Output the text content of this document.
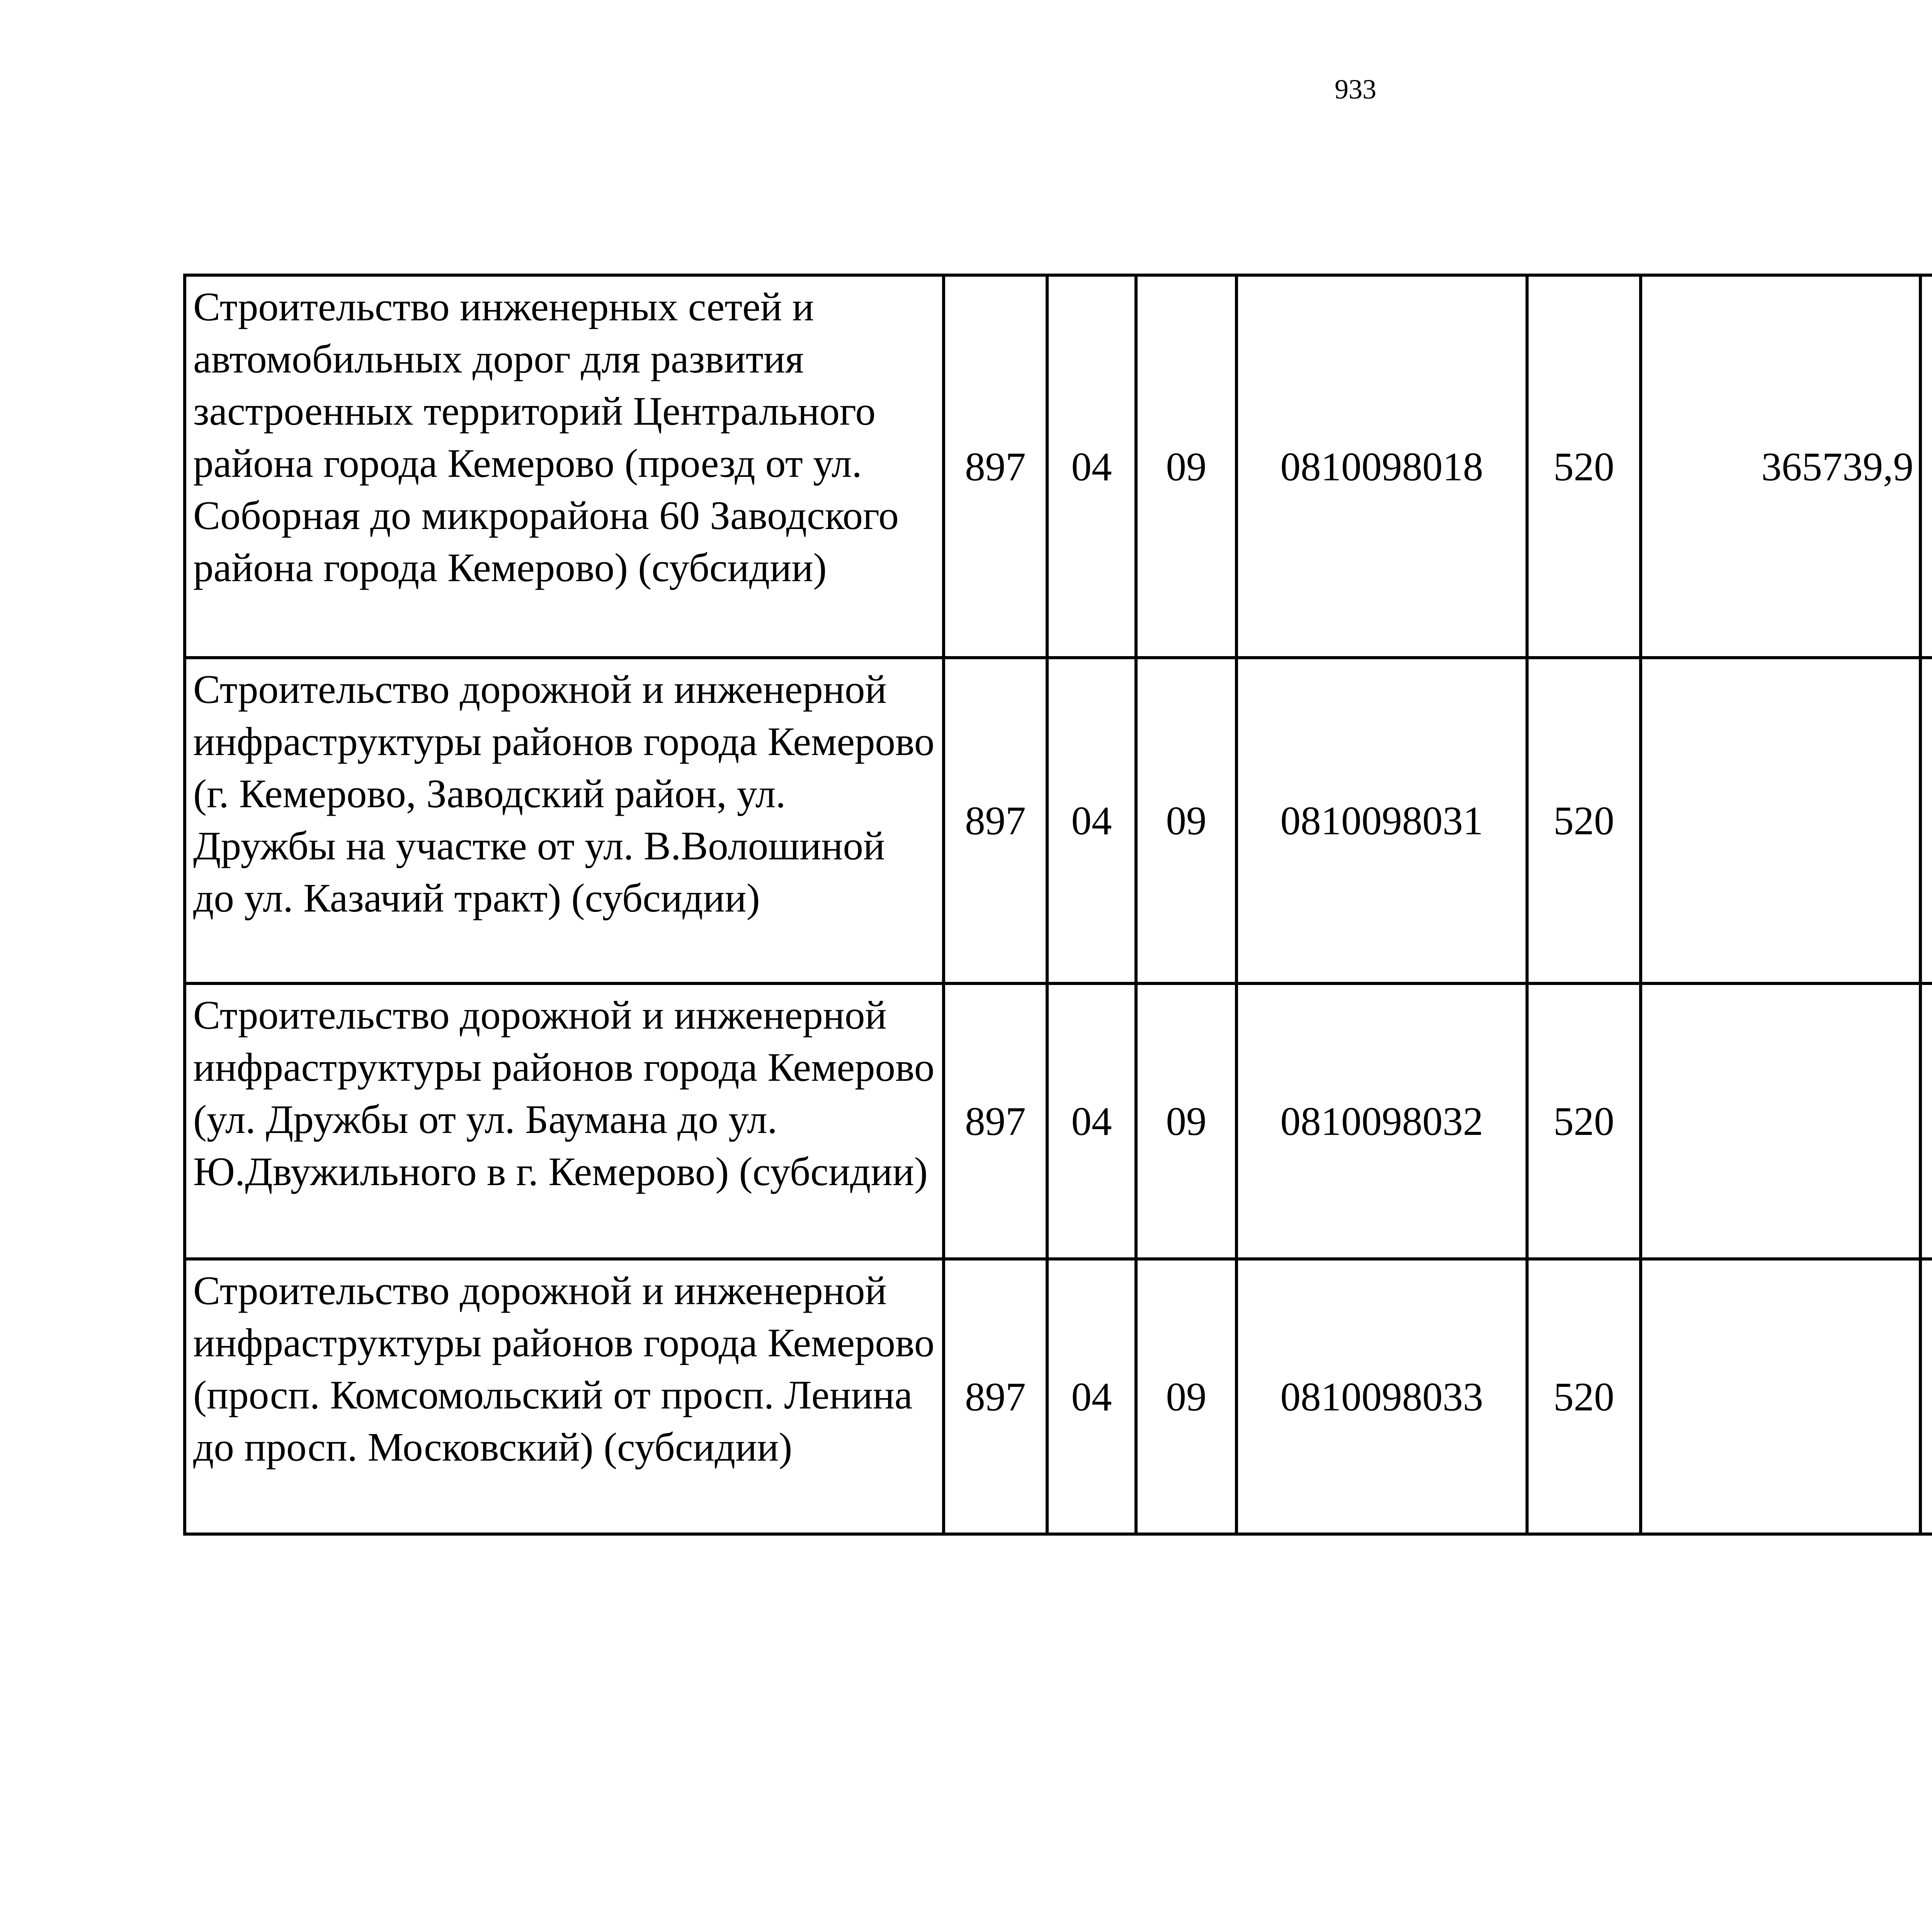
933
Строительство инженерных сетей и автомобильных дорог для развития застроенных территорий Центрального района города Кемерово (проезд от ул. Соборная до микрорайона 60 Заводского района города Кемерово) (субсидии)	897	04	09	0810098018	520	365739,9		
Строительство дорожной и инженерной инфраструктуры районов города Кемерово (г. Кемерово, Заводский район, ул. Дружбы на участке от ул. В.Волошиной до ул. Казачий тракт) (субсидии)	897	04	09	0810098031	520			
Строительство дорожной и инженерной инфраструктуры районов города Кемерово (ул. Дружбы от ул. Баумана до ул. Ю.Двужильного в г. Кемерово) (субсидии)	897	04	09	0810098032	520			
Строительство дорожной и инженерной инфраструктуры районов города Кемерово (просп. Комсомольский от просп. Ленина до просп. Московский) (субсидии)	897	04	09	0810098033	520			
